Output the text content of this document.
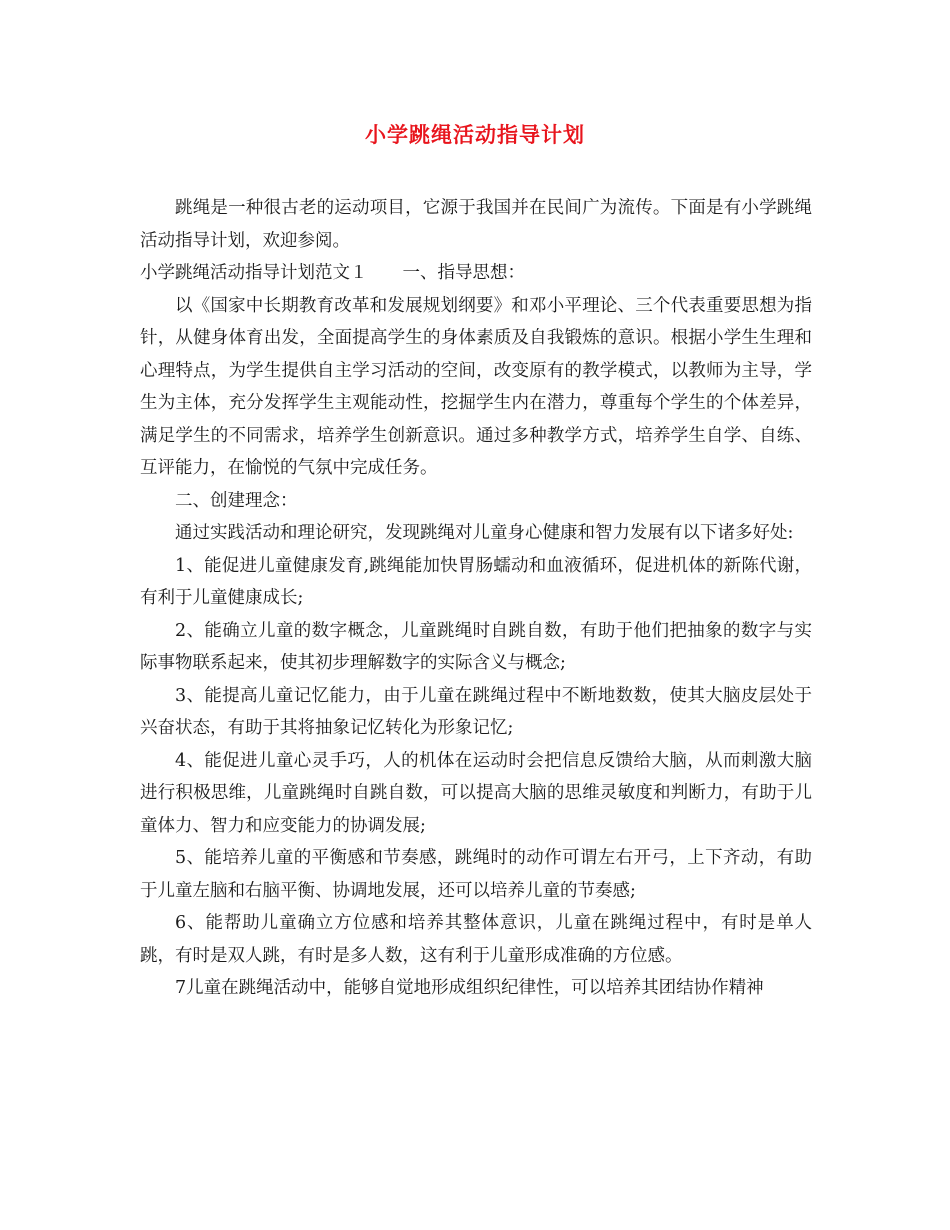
小学跳绳活动指导计划

跳绳是一种很古老的运动项目，它源于我国并在民间广为流传。下面是有小学跳绳活动指导计划，欢迎参阅。

小学跳绳活动指导计划范文１　　一、指导思想：

以《国家中长期教育改革和发展规划纲要》和邓小平理论、三个代表重要思想为指针，从健身体育出发，全面提高学生的身体素质及自我锻炼的意识。根据小学生生理和心理特点，为学生提供自主学习活动的空间，改变原有的教学模式，以教师为主导，学生为主体，充分发挥学生主观能动性，挖掘学生内在潜力，尊重每个学生的个体差异，满足学生的不同需求，培养学生创新意识。通过多种教学方式，培养学生自学、自练、互评能力，在愉悦的气氛中完成任务。

二、创建理念：

通过实践活动和理论研究，发现跳绳对儿童身心健康和智力发展有以下诸多好处:

1、能促进儿童健康发育,跳绳能加快胃肠蠕动和血液循环，促进机体的新陈代谢，有利于儿童健康成长;

2、能确立儿童的数字概念，儿童跳绳时自跳自数，有助于他们把抽象的数字与实际事物联系起来，使其初步理解数字的实际含义与概念;

3、能提高儿童记忆能力，由于儿童在跳绳过程中不断地数数，使其大脑皮层处于兴奋状态，有助于其将抽象记忆转化为形象记忆;

4、能促进儿童心灵手巧，人的机体在运动时会把信息反馈给大脑，从而刺激大脑进行积极思维，儿童跳绳时自跳自数，可以提高大脑的思维灵敏度和判断力，有助于儿童体力、智力和应变能力的协调发展;

5、能培养儿童的平衡感和节奏感，跳绳时的动作可谓左右开弓，上下齐动，有助于儿童左脑和右脑平衡、协调地发展，还可以培养儿童的节奏感;

6、能帮助儿童确立方位感和培养其整体意识，儿童在跳绳过程中，有时是单人跳，有时是双人跳，有时是多人数，这有利于儿童形成准确的方位感。

7儿童在跳绳活动中，能够自觉地形成组织纪律性，可以培养其团结协作精神
